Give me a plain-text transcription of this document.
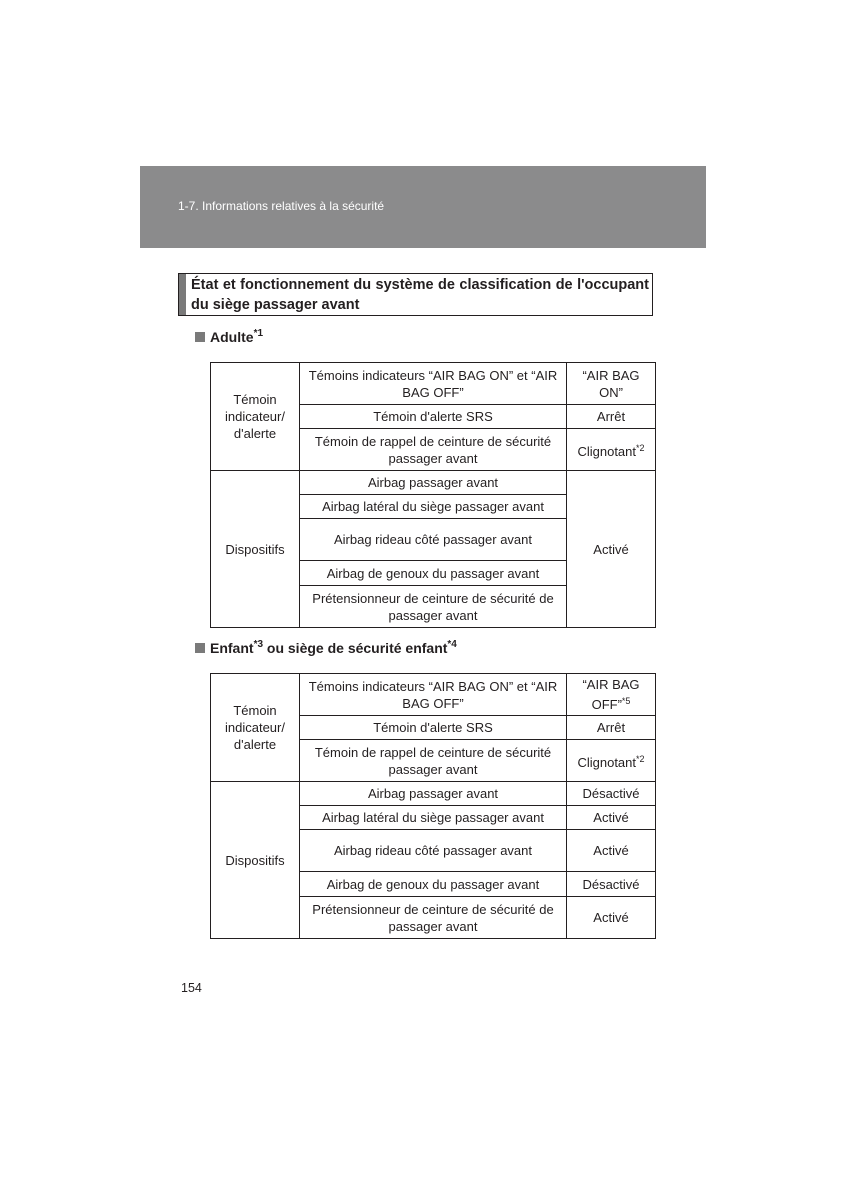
1-7. Informations relatives à la sécurité
État et fonctionnement du système de classification de l'occupant du siège passager avant
Adulte$^{*1}$
Témoin indicateur/ d'alerte	Témoins indicateurs “AIR BAG ON” et “AIR BAG OFF”	“AIR BAG ON”
	Témoin d'alerte SRS	Arrêt
	Témoin de rappel de ceinture de sécurité passager avant	Clignotant$^{*2}$
Dispositifs	Airbag passager avant	Activé
	Airbag latéral du siège passager avant	
	Airbag rideau côté passager avant	
	Airbag de genoux du passager avant	
	Prétensionneur de ceinture de sécurité de passager avant	
Enfant$^{*3}$ ou siège de sécurité enfant$^{*4}$
Témoin indicateur/ d'alerte	Témoins indicateurs “AIR BAG ON” et “AIR BAG OFF”	“AIR BAG OFF”$^{*5}$
	Témoin d'alerte SRS	Arrêt
	Témoin de rappel de ceinture de sécurité passager avant	Clignotant$^{*2}$
Dispositifs	Airbag passager avant	Désactivé
	Airbag latéral du siège passager avant	Activé
	Airbag rideau côté passager avant	Activé
	Airbag de genoux du passager avant	Désactivé
	Prétensionneur de ceinture de sécurité de passager avant	Activé
154
